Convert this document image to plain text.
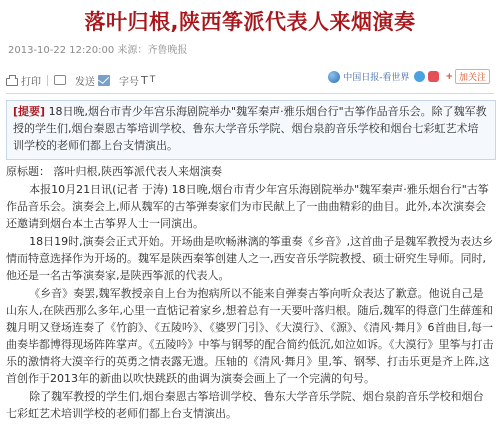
落叶归根,陕西筝派代表人来烟演奏
2013-10-22 12:20:00 来源：齐鲁晚报
打印	发送 字号 T T	中国日报-看世界	+ 加关注
[提要] 18日晚,烟台市青少年宫乐海剧院举办"魏军秦声·雅乐烟台行"古筝作品音乐会。除了魏军教授的学生们,烟台秦恩古筝培训学校、鲁东大学音乐学院、烟台泉韵音乐学校和烟台七彩虹艺术培训学校的老师们都上台支情演出。

原标题： 落叶归根,陕西筝派代表人来烟演奏

本报10月21日讯(记者 于涛) 18日晚,烟台市青少年宫乐海剧院举办"魏军秦声·雅乐烟台行"古筝作品音乐会。演奏会上,师从魏军的古筝弹奏家们为市民献上了一曲曲精彩的曲目。此外,本次演奏会还邀请到烟台本土古筝界人士一同演出。

18日19时,演奏会正式开始。开场曲是吹畅淋漓的筝重奏《乡音》,这首曲子是魏军教授为表达乡情而特意选择作为开场的。魏军是陕西秦筝创建人之一,西安音乐学院教授、硕士研究生导师。同时,他还是一名古筝演奏家,是陕西筝派的代表人。

《乡音》奏罢,魏军教授亲自上台为抱病所以不能来自弹奏古筝向听众表达了歉意。他说自己是山东人,在陕西那么多年,心里一直惦记着家乡,想着总有一天要叶落归根。随后,魏军的得意门生薛莲和魏月明又登场连奏了《竹韵》、《五陵吟》、《婆罗门引》、《大漠行》、《源》、《清风·舞月》6首曲目,每一曲奏毕都博得现场阵阵掌声。《五陵吟》中筝与钢琴的配合简约低沉,如泣如诉。《大漠行》里筝与打击乐的激情将大漠辛行的英勇之情表露无遗。压轴的《清风·舞月》里,筝、钢琴、打击乐更是齐上阵,这首创作于2013年的新曲以吹快跳跃的曲调为演奏会画上了一个完满的句号。

除了魏军教授的学生们,烟台秦恩古筝培训学校、鲁东大学音乐学院、烟台泉韵音乐学校和烟台七彩虹艺术培训学校的老师们都上台支情演出。
